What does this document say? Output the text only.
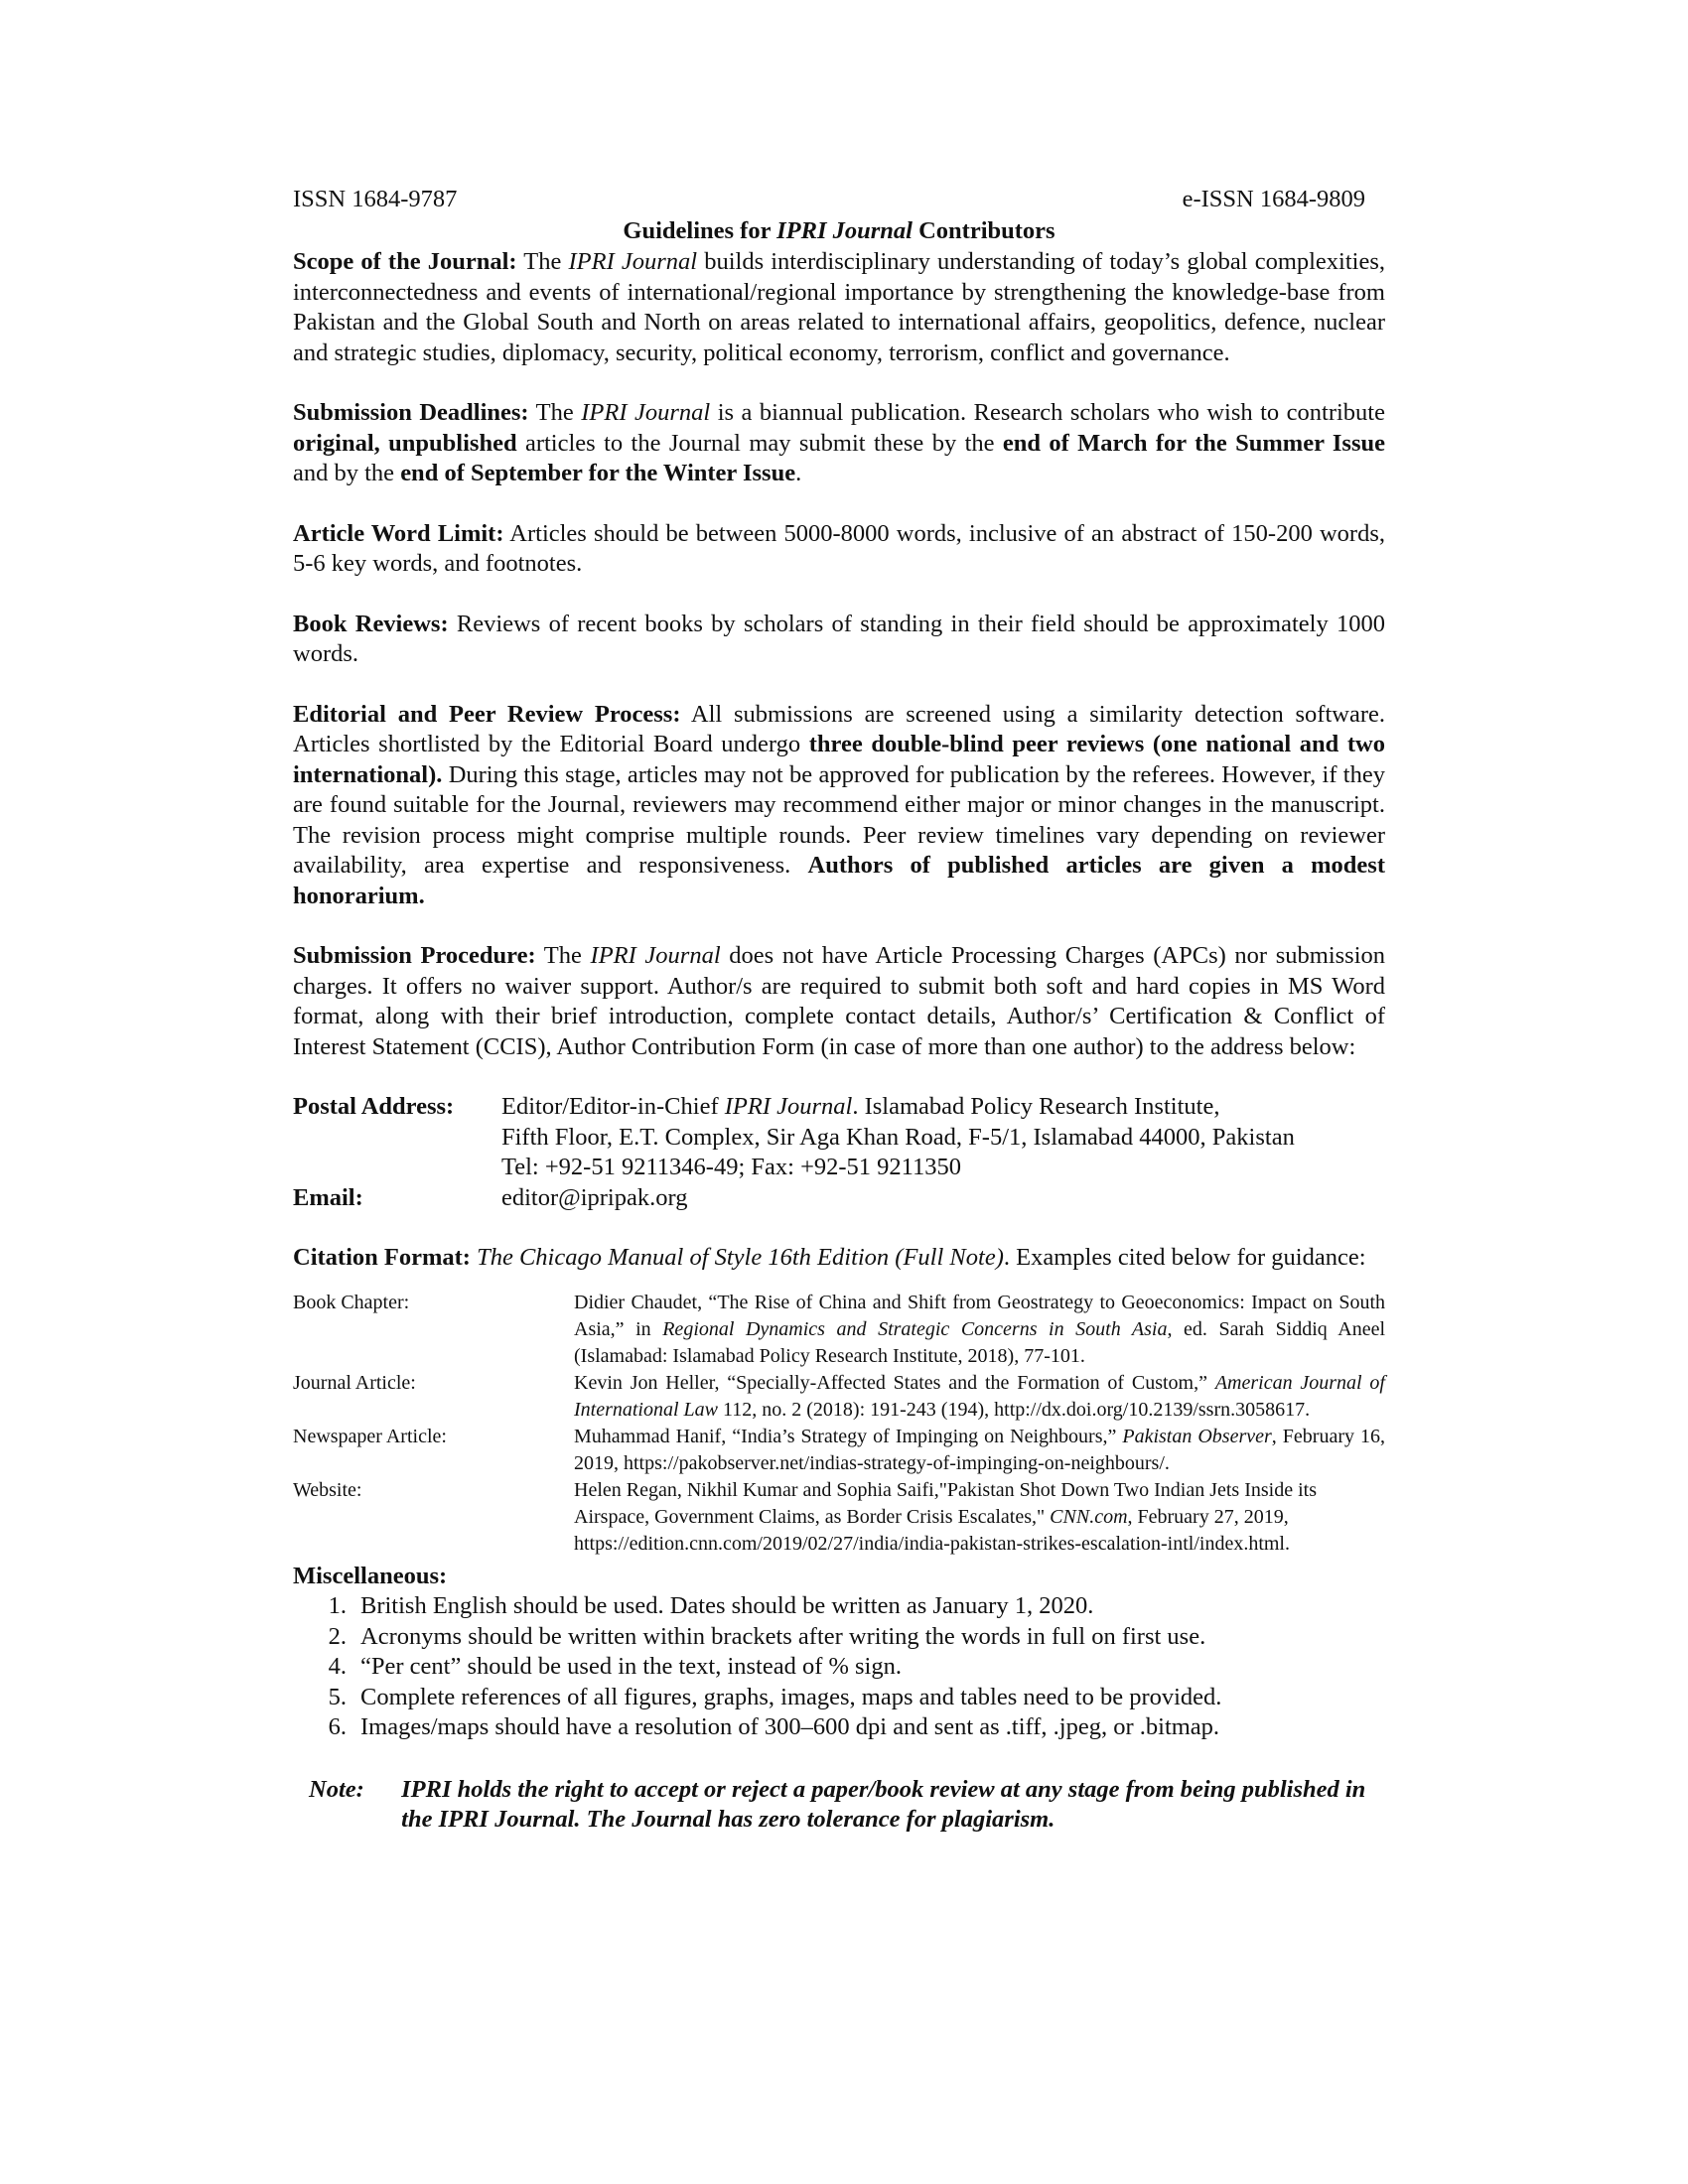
ISSN 1684-9787	e-ISSN 1684-9809
Guidelines for IPRI Journal Contributors

Scope of the Journal: The IPRI Journal builds interdisciplinary understanding of today’s global complexities, interconnectedness and events of international/regional importance by strengthening the knowledge-base from Pakistan and the Global South and North on areas related to international affairs, geopolitics, defence, nuclear and strategic studies, diplomacy, security, political economy, terrorism, conflict and governance.

Submission Deadlines: The IPRI Journal is a biannual publication. Research scholars who wish to contribute original, unpublished articles to the Journal may submit these by the end of March for the Summer Issue and by the end of September for the Winter Issue.

Article Word Limit: Articles should be between 5000-8000 words, inclusive of an abstract of 150-200 words, 5-6 key words, and footnotes.

Book Reviews: Reviews of recent books by scholars of standing in their field should be approximately 1000 words.

Editorial and Peer Review Process: All submissions are screened using a similarity detection software. Articles shortlisted by the Editorial Board undergo three double-blind peer reviews (one national and two international). During this stage, articles may not be approved for publication by the referees. However, if they are found suitable for the Journal, reviewers may recommend either major or minor changes in the manuscript. The revision process might comprise multiple rounds. Peer review timelines vary depending on reviewer availability, area expertise and responsiveness. Authors of published articles are given a modest honorarium.

Submission Procedure: The IPRI Journal does not have Article Processing Charges (APCs) nor submission charges. It offers no waiver support. Author/s are required to submit both soft and hard copies in MS Word format, along with their brief introduction, complete contact details, Author/s’ Certification & Conflict of Interest Statement (CCIS), Author Contribution Form (in case of more than one author) to the address below:

Postal Address:	Editor/Editor-in-Chief IPRI Journal. Islamabad Policy Research Institute,
Fifth Floor, E.T. Complex, Sir Aga Khan Road, F-5/1, Islamabad 44000, Pakistan
Tel: +92-51 9211346-49; Fax: +92-51 9211350

Email:	editor@ipripak.org

Citation Format: The Chicago Manual of Style 16th Edition (Full Note). Examples cited below for guidance:

Book Chapter:	Didier Chaudet, “The Rise of China and Shift from Geostrategy to Geoeconomics: Impact on South Asia,” in Regional Dynamics and Strategic Concerns in South Asia, ed. Sarah Siddiq Aneel (Islamabad: Islamabad Policy Research Institute, 2018), 77-101.
Journal Article:	Kevin Jon Heller, “Specially-Affected States and the Formation of Custom,” American Journal of International Law 112, no. 2 (2018): 191-243 (194), http://dx.doi.org/10.2139/ssrn.3058617.
Newspaper Article:	Muhammad Hanif, “India’s Strategy of Impinging on Neighbours,” Pakistan Observer, February 16, 2019, https://pakobserver.net/indias-strategy-of-impinging-on-neighbours/.
Website:	Helen Regan, Nikhil Kumar and Sophia Saifi,"Pakistan Shot Down Two Indian Jets Inside its Airspace, Government Claims, as Border Crisis Escalates," CNN.com, February 27, 2019, https://edition.cnn.com/2019/02/27/india/india-pakistan-strikes-escalation-intl/index.html.
Miscellaneous:
1. British English should be used. Dates should be written as January 1, 2020.
2. Acronyms should be written within brackets after writing the words in full on first use.
4. “Per cent” should be used in the text, instead of % sign.
5. Complete references of all figures, graphs, images, maps and tables need to be provided.
6. Images/maps should have a resolution of 300–600 dpi and sent as .tiff, .jpeg, or .bitmap.
Note:	IPRI holds the right to accept or reject a paper/book review at any stage from being published in the IPRI Journal. The Journal has zero tolerance for plagiarism.
